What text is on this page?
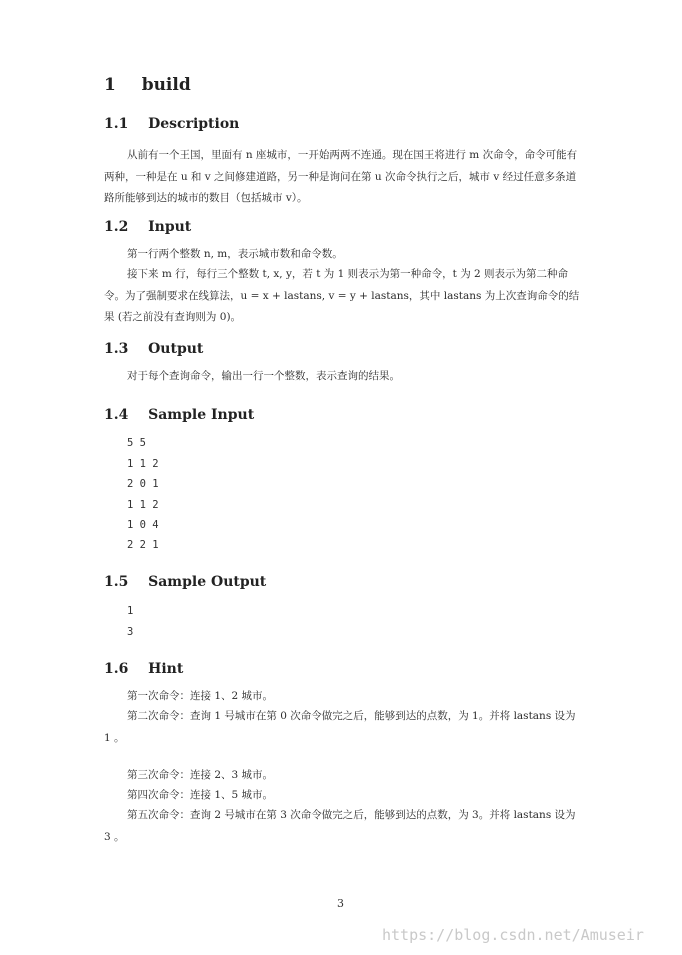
1 build
1.1 Description
从前有一个王国，里面有 n 座城市，一开始两两不连通。现在国王将进行 m 次命令，命令可能有两种，一种是在 u 和 v 之间修建道路，另一种是询问在第 u 次命令执行之后，城市 v 经过任意多条道路所能够到达的城市的数目（包括城市 v）。
1.2 Input
第一行两个整数 n, m，表示城市数和命令数。
接下来 m 行，每行三个整数 t, x, y，若 t 为 1 则表示为第一种命令，t 为 2 则表示为第二种命令。为了强制要求在线算法，u = x + lastans, v = y + lastans，其中 lastans 为上次查询命令的结果 (若之前没有查询则为 0)。
1.3 Output
对于每个查询命令，输出一行一个整数，表示查询的结果。
1.4 Sample Input
5 5
1 1 2
2 0 1
1 1 2
1 0 4
2 2 1
1.5 Sample Output
1
3
1.6 Hint
第一次命令：连接 1、2 城市。
第二次命令：查询 1 号城市在第 0 次命令做完之后，能够到达的点数，为 1。并将 lastans 设为 1 。
第三次命令：连接 2、3 城市。
第四次命令：连接 1、5 城市。
第五次命令：查询 2 号城市在第 3 次命令做完之后，能够到达的点数，为 3。并将 lastans 设为 3 。
3
https://blog.csdn.net/Amuseir
